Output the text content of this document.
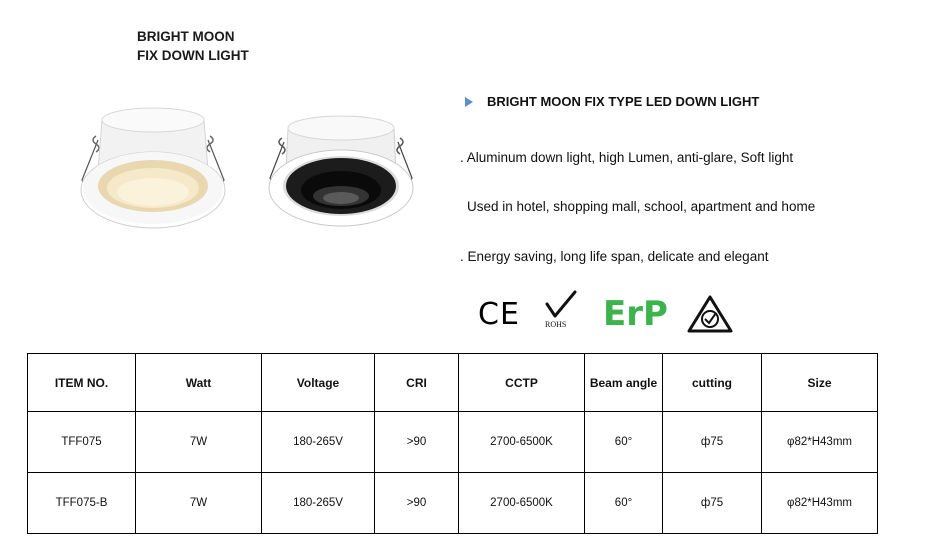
BRIGHT MOON
FIX DOWN LIGHT
BRIGHT MOON FIX TYPE LED DOWN LIGHT
. Aluminum down light, high Lumen, anti-glare, Soft light
Used in hotel, shopping mall, school, apartment and home
. Energy saving, long life span, delicate and elegant
CE	ROHS ErP
ITEM NO.	Watt	Voltage	CRI	CCTP	Beam angle	cutting	Size
TFF075	7W	180-265V	>90	2700-6500K	60°	ф75	φ82*H43mm
TFF075-B	7W	180-265V	>90	2700-6500K	60°	ф75	φ82*H43mm
